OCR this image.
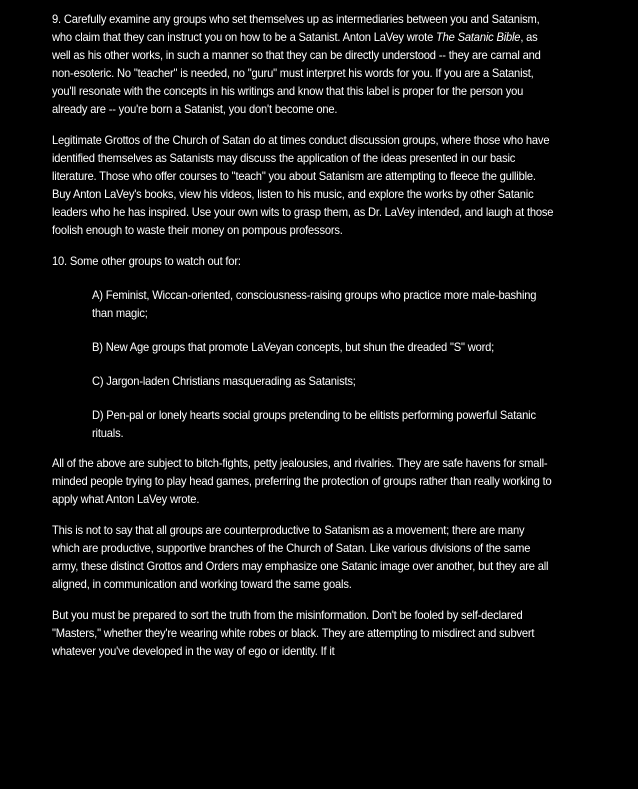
9. Carefully examine any groups who set themselves up as intermediaries between you and Satanism, who claim that they can instruct you on how to be a Satanist. Anton LaVey wrote The Satanic Bible, as well as his other works, in such a manner so that they can be directly understood -- they are carnal and non-esoteric. No "teacher" is needed, no "guru" must interpret his words for you. If you are a Satanist, you'll resonate with the concepts in his writings and know that this label is proper for the person you already are -- you're born a Satanist, you don't become one.

Legitimate Grottos of the Church of Satan do at times conduct discussion groups, where those who have identified themselves as Satanists may discuss the application of the ideas presented in our basic literature. Those who offer courses to "teach" you about Satanism are attempting to fleece the gullible. Buy Anton LaVey's books, view his videos, listen to his music, and explore the works by other Satanic leaders who he has inspired. Use your own wits to grasp them, as Dr. LaVey intended, and laugh at those foolish enough to waste their money on pompous professors.

10. Some other groups to watch out for:

A) Feminist, Wiccan-oriented, consciousness-raising groups who practice more male-bashing than magic;

B) New Age groups that promote LaVeyan concepts, but shun the dreaded "S" word;

C) Jargon-laden Christians masquerading as Satanists;

D) Pen-pal or lonely hearts social groups pretending to be elitists performing powerful Satanic rituals.

All of the above are subject to bitch-fights, petty jealousies, and rivalries. They are safe havens for small-minded people trying to play head games, preferring the protection of groups rather than really working to apply what Anton LaVey wrote.

This is not to say that all groups are counterproductive to Satanism as a movement; there are many which are productive, supportive branches of the Church of Satan. Like various divisions of the same army, these distinct Grottos and Orders may emphasize one Satanic image over another, but they are all aligned, in communication and working toward the same goals.

But you must be prepared to sort the truth from the misinformation. Don't be fooled by self-declared "Masters," whether they're wearing white robes or black. They are attempting to misdirect and subvert whatever you've developed in the way of ego or identity. If it
